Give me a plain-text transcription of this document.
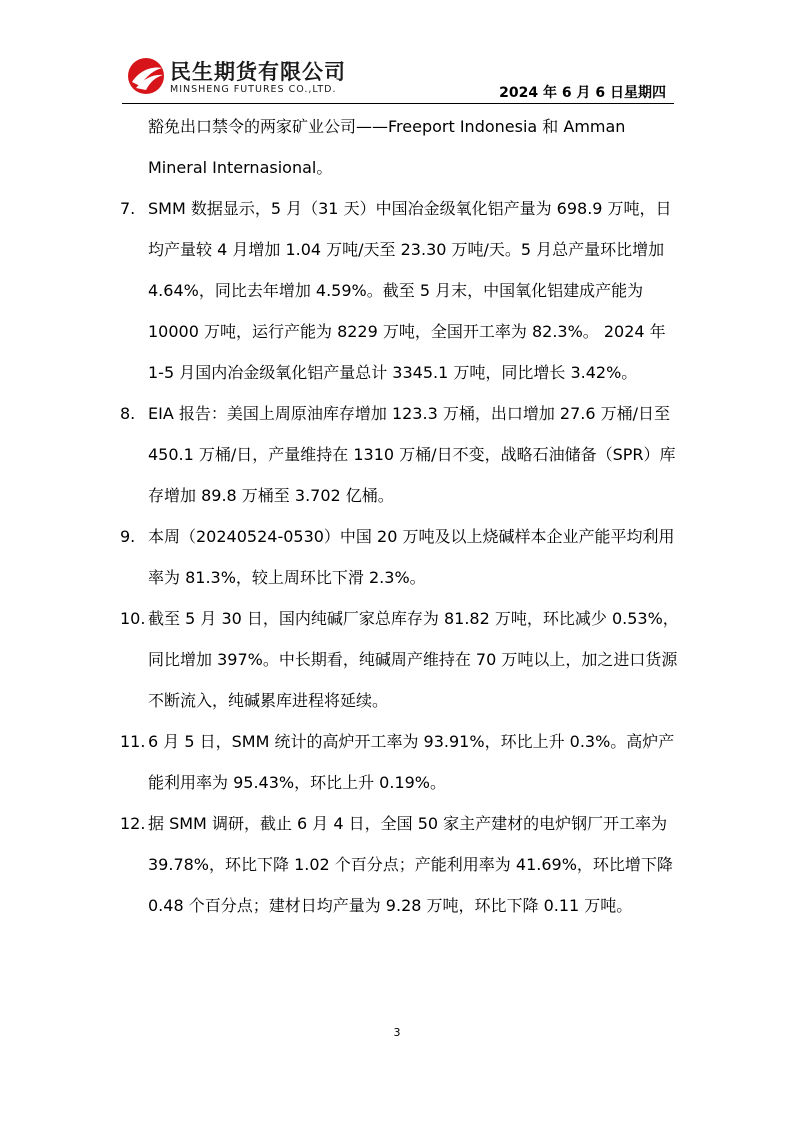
民生期货有限公司
MINSHENG FUTURES CO.,LTD.	2024 年 6 月 6 日星期四
豁免出口禁令的两家矿业公司——Freeport Indonesia 和 Amman Mineral Internasional。
7. SMM 数据显示，5 月（31 天）中国冶金级氧化铝产量为 698.9 万吨，日均产量较 4 月增加 1.04 万吨/天至 23.30 万吨/天。5 月总产量环比增加 4.64%，同比去年增加 4.59%。截至 5 月末，中国氧化铝建成产能为 10000 万吨，运行产能为 8229 万吨，全国开工率为 82.3%。 2024 年 1-5 月国内冶金级氧化铝产量总计 3345.1 万吨，同比增长 3.42%。
8. EIA 报告：美国上周原油库存增加 123.3 万桶，出口增加 27.6 万桶/日至 450.1 万桶/日，产量维持在 1310 万桶/日不变，战略石油储备（SPR）库存增加 89.8 万桶至 3.702 亿桶。
9. 本周（20240524-0530）中国 20 万吨及以上烧碱样本企业产能平均利用率为 81.3%，较上周环比下滑 2.3%。
10. 截至 5 月 30 日，国内纯碱厂家总库存为 81.82 万吨，环比减少 0.53%，同比增加 397%。中长期看，纯碱周产维持在 70 万吨以上，加之进口货源不断流入，纯碱累库进程将延续。
11. 6 月 5 日，SMM 统计的高炉开工率为 93.91%，环比上升 0.3%。高炉产能利用率为 95.43%，环比上升 0.19%。
12. 据 SMM 调研，截止 6 月 4 日，全国 50 家主产建材的电炉钢厂开工率为 39.78%，环比下降 1.02 个百分点；产能利用率为 41.69%，环比增下降 0.48 个百分点；建材日均产量为 9.28 万吨，环比下降 0.11 万吨。
3
